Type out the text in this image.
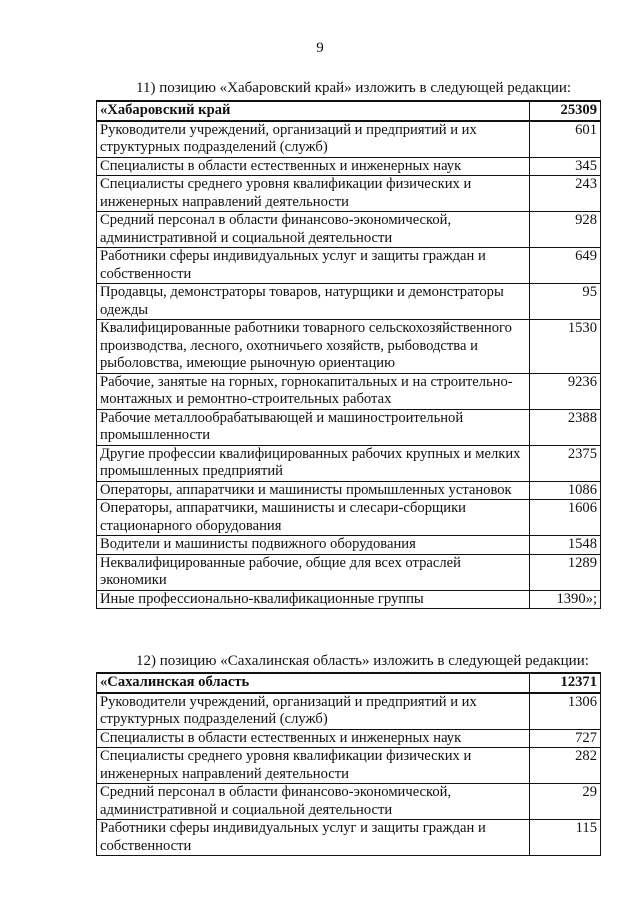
9
11) позицию «Хабаровский край» изложить в следующей редакции:
«Хабаровский край	25309
Руководители учреждений, организаций и предприятий и их структурных подразделений (служб)	601
Специалисты в области естественных и инженерных наук	345
Специалисты среднего уровня квалификации физических и инженерных направлений деятельности	243
Средний персонал в области финансово-экономической, административной и социальной деятельности	928
Работники сферы индивидуальных услуг и защиты граждан и собственности	649
Продавцы, демонстраторы товаров, натурщики и демонстраторы одежды	95
Квалифицированные работники товарного сельскохозяйственного производства, лесного, охотничьего хозяйств, рыбоводства и рыболовства, имеющие рыночную ориентацию	1530
Рабочие, занятые на горных, горнокапитальных и на строительно-монтажных и ремонтно-строительных работах	9236
Рабочие металлообрабатывающей и машиностроительной промышленности	2388
Другие профессии квалифицированных рабочих крупных и мелких промышленных предприятий	2375
Операторы, аппаратчики и машинисты промышленных установок	1086
Операторы, аппаратчики, машинисты и слесари-сборщики стационарного оборудования	1606
Водители и машинисты подвижного оборудования	1548
Неквалифицированные рабочие, общие для всех отраслей экономики	1289
Иные профессионально-квалификационные группы	1390»;
12) позицию «Сахалинская область» изложить в следующей редакции:
«Сахалинская область	12371
Руководители учреждений, организаций и предприятий и их структурных подразделений (служб)	1306
Специалисты в области естественных и инженерных наук	727
Специалисты среднего уровня квалификации физических и инженерных направлений деятельности	282
Средний персонал в области финансово-экономической, административной и социальной деятельности	29
Работники сферы индивидуальных услуг и защиты граждан и собственности	115
